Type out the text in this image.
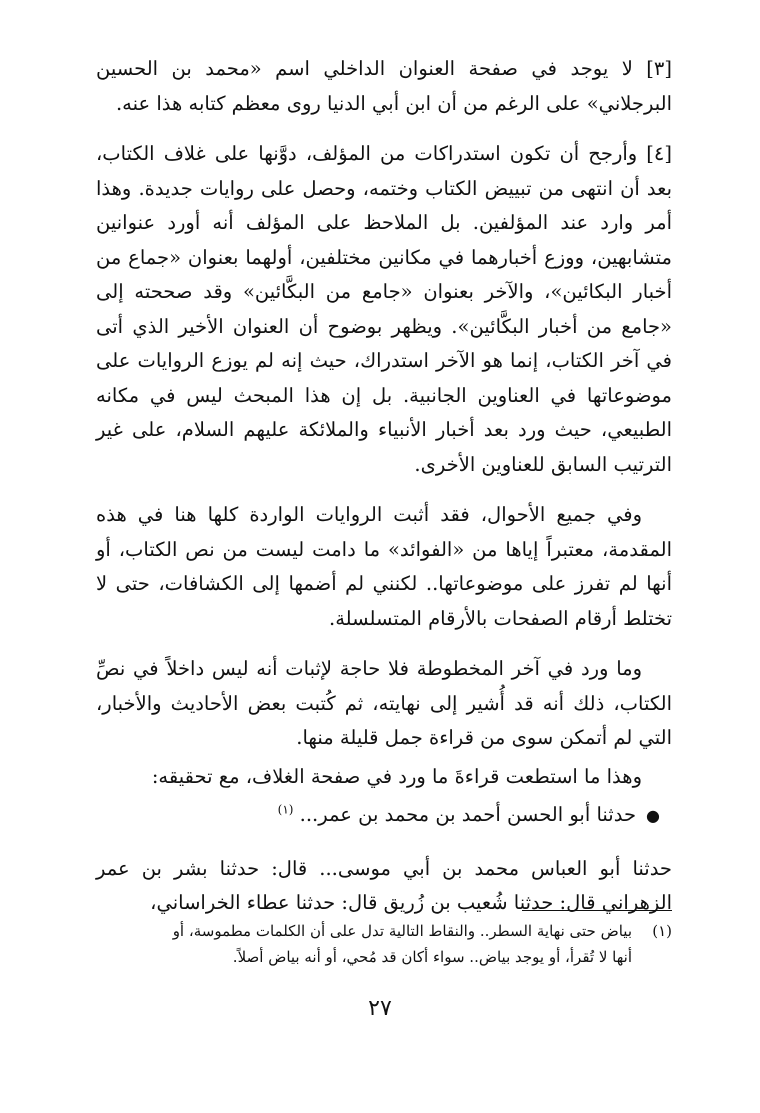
[٣] لا يوجد في صفحة العنوان الداخلي اسم «محمد بن الحسين البرجلاني» على الرغم من أن ابن أبي الدنيا روى معظم كتابه هذا عنه.

[٤] وأرجح أن تكون استدراكات من المؤلف، دوَّنها على غلاف الكتاب، بعد أن انتهى من تبييض الكتاب وختمه، وحصل على روايات جديدة. وهذا أمر وارد عند المؤلفين. بل الملاحظ على المؤلف أنه أورد عنوانين متشابهين، ووزع أخبارهما في مكانين مختلفين، أولهما بعنوان «جماع من أخبار البكائين»، والآخر بعنوان «جامع من البكَّائين» وقد صححته إلى «جامع من أخبار البكَّائين». ويظهر بوضوح أن العنوان الأخير الذي أتى في آخر الكتاب، إنما هو الآخر استدراك، حيث إنه لم يوزع الروايات على موضوعاتها في العناوين الجانبية. بل إن هذا المبحث ليس في مكانه الطبيعي، حيث ورد بعد أخبار الأنبياء والملائكة عليهم السلام، على غير الترتيب السابق للعناوين الأخرى.

وفي جميع الأحوال، فقد أثبت الروايات الواردة كلها هنا في هذه المقدمة، معتبراً إياها من «الفوائد» ما دامت ليست من نص الكتاب، أو أنها لم تفرز على موضوعاتها.. لكنني لم أضمها إلى الكشافات، حتى لا تختلط أرقام الصفحات بالأرقام المتسلسلة.

وما ورد في آخر المخطوطة فلا حاجة لإثبات أنه ليس داخلاً في نصِّ الكتاب، ذلك أنه قد أُشير إلى نهايته، ثم كُتبت بعض الأحاديث والأخبار، التي لم أتمكن سوى من قراءة جمل قليلة منها.

وهذا ما استطعت قراءةَ ما ورد في صفحة الغلاف، مع تحقيقه:

●حدثنا أبو الحسن أحمد بن محمد بن عمر... $^{(١)}$

حدثنا أبو العباس محمد بن أبي موسى... قال: حدثنا بشر بن عمر الزهراني قال: حدثنا شُعيب بن زُريق قال: حدثنا عطاء الخراساني،

(١)بياض حتى نهاية السطر.. والنقاط التالية تدل على أن الكلمات مطموسة، أو
أنها لا تُقرأ، أو يوجد بياض.. سواء أكان قد مُحي، أو أنه بياض أصلاً.
٢٧
